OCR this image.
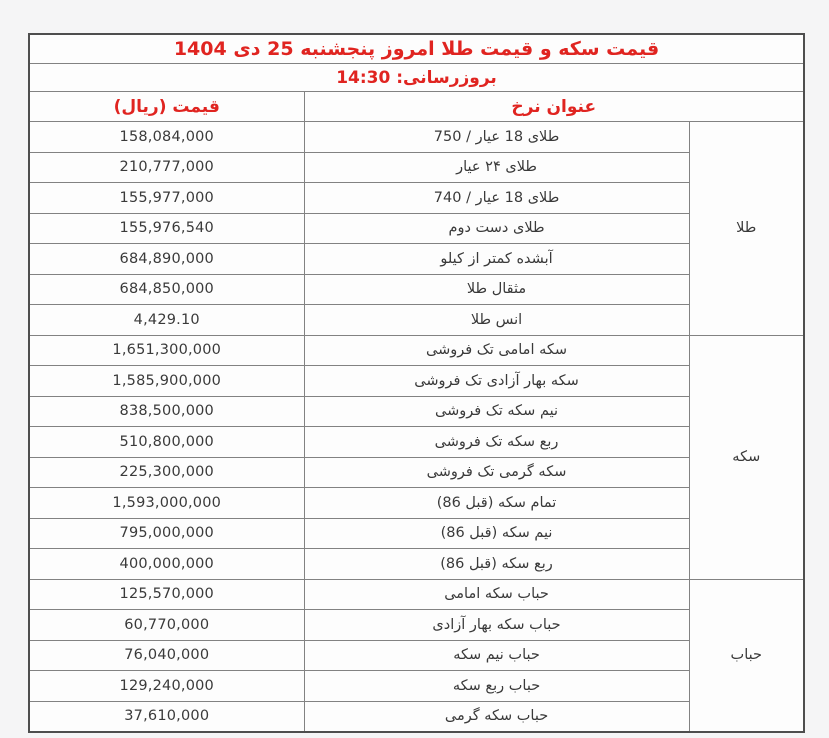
قیمت سکه و قیمت طلا امروز پنجشنبه 25 دی 1404		
بروزرسانی: 14:30		
عنوان نرخ		قیمت (ریال)
طلا	طلای 18 عیار / 750	158,084,000
	طلای ۲۴ عیار	210,777,000
	طلای 18 عیار / 740	155,977,000
	طلای دست دوم	155,976,540
	آبشده کمتر از کیلو	684,890,000
	مثقال طلا	684,850,000
	انس طلا	4,429.10
سکه	سکه امامی تک فروشی	1,651,300,000
	سکه بهار آزادی تک فروشی	1,585,900,000
	نیم سکه تک فروشی	838,500,000
	ربع سکه تک فروشی	510,800,000
	سکه گرمی تک فروشی	225,300,000
	تمام سکه (قبل 86)	1,593,000,000
	نیم سکه (قبل 86)	795,000,000
	ربع سکه (قبل 86)	400,000,000
حباب	حباب سکه امامی	125,570,000
	حباب سکه بهار آزادی	60,770,000
	حباب نیم سکه	76,040,000
	حباب ربع سکه	129,240,000
	حباب سکه گرمی	37,610,000
